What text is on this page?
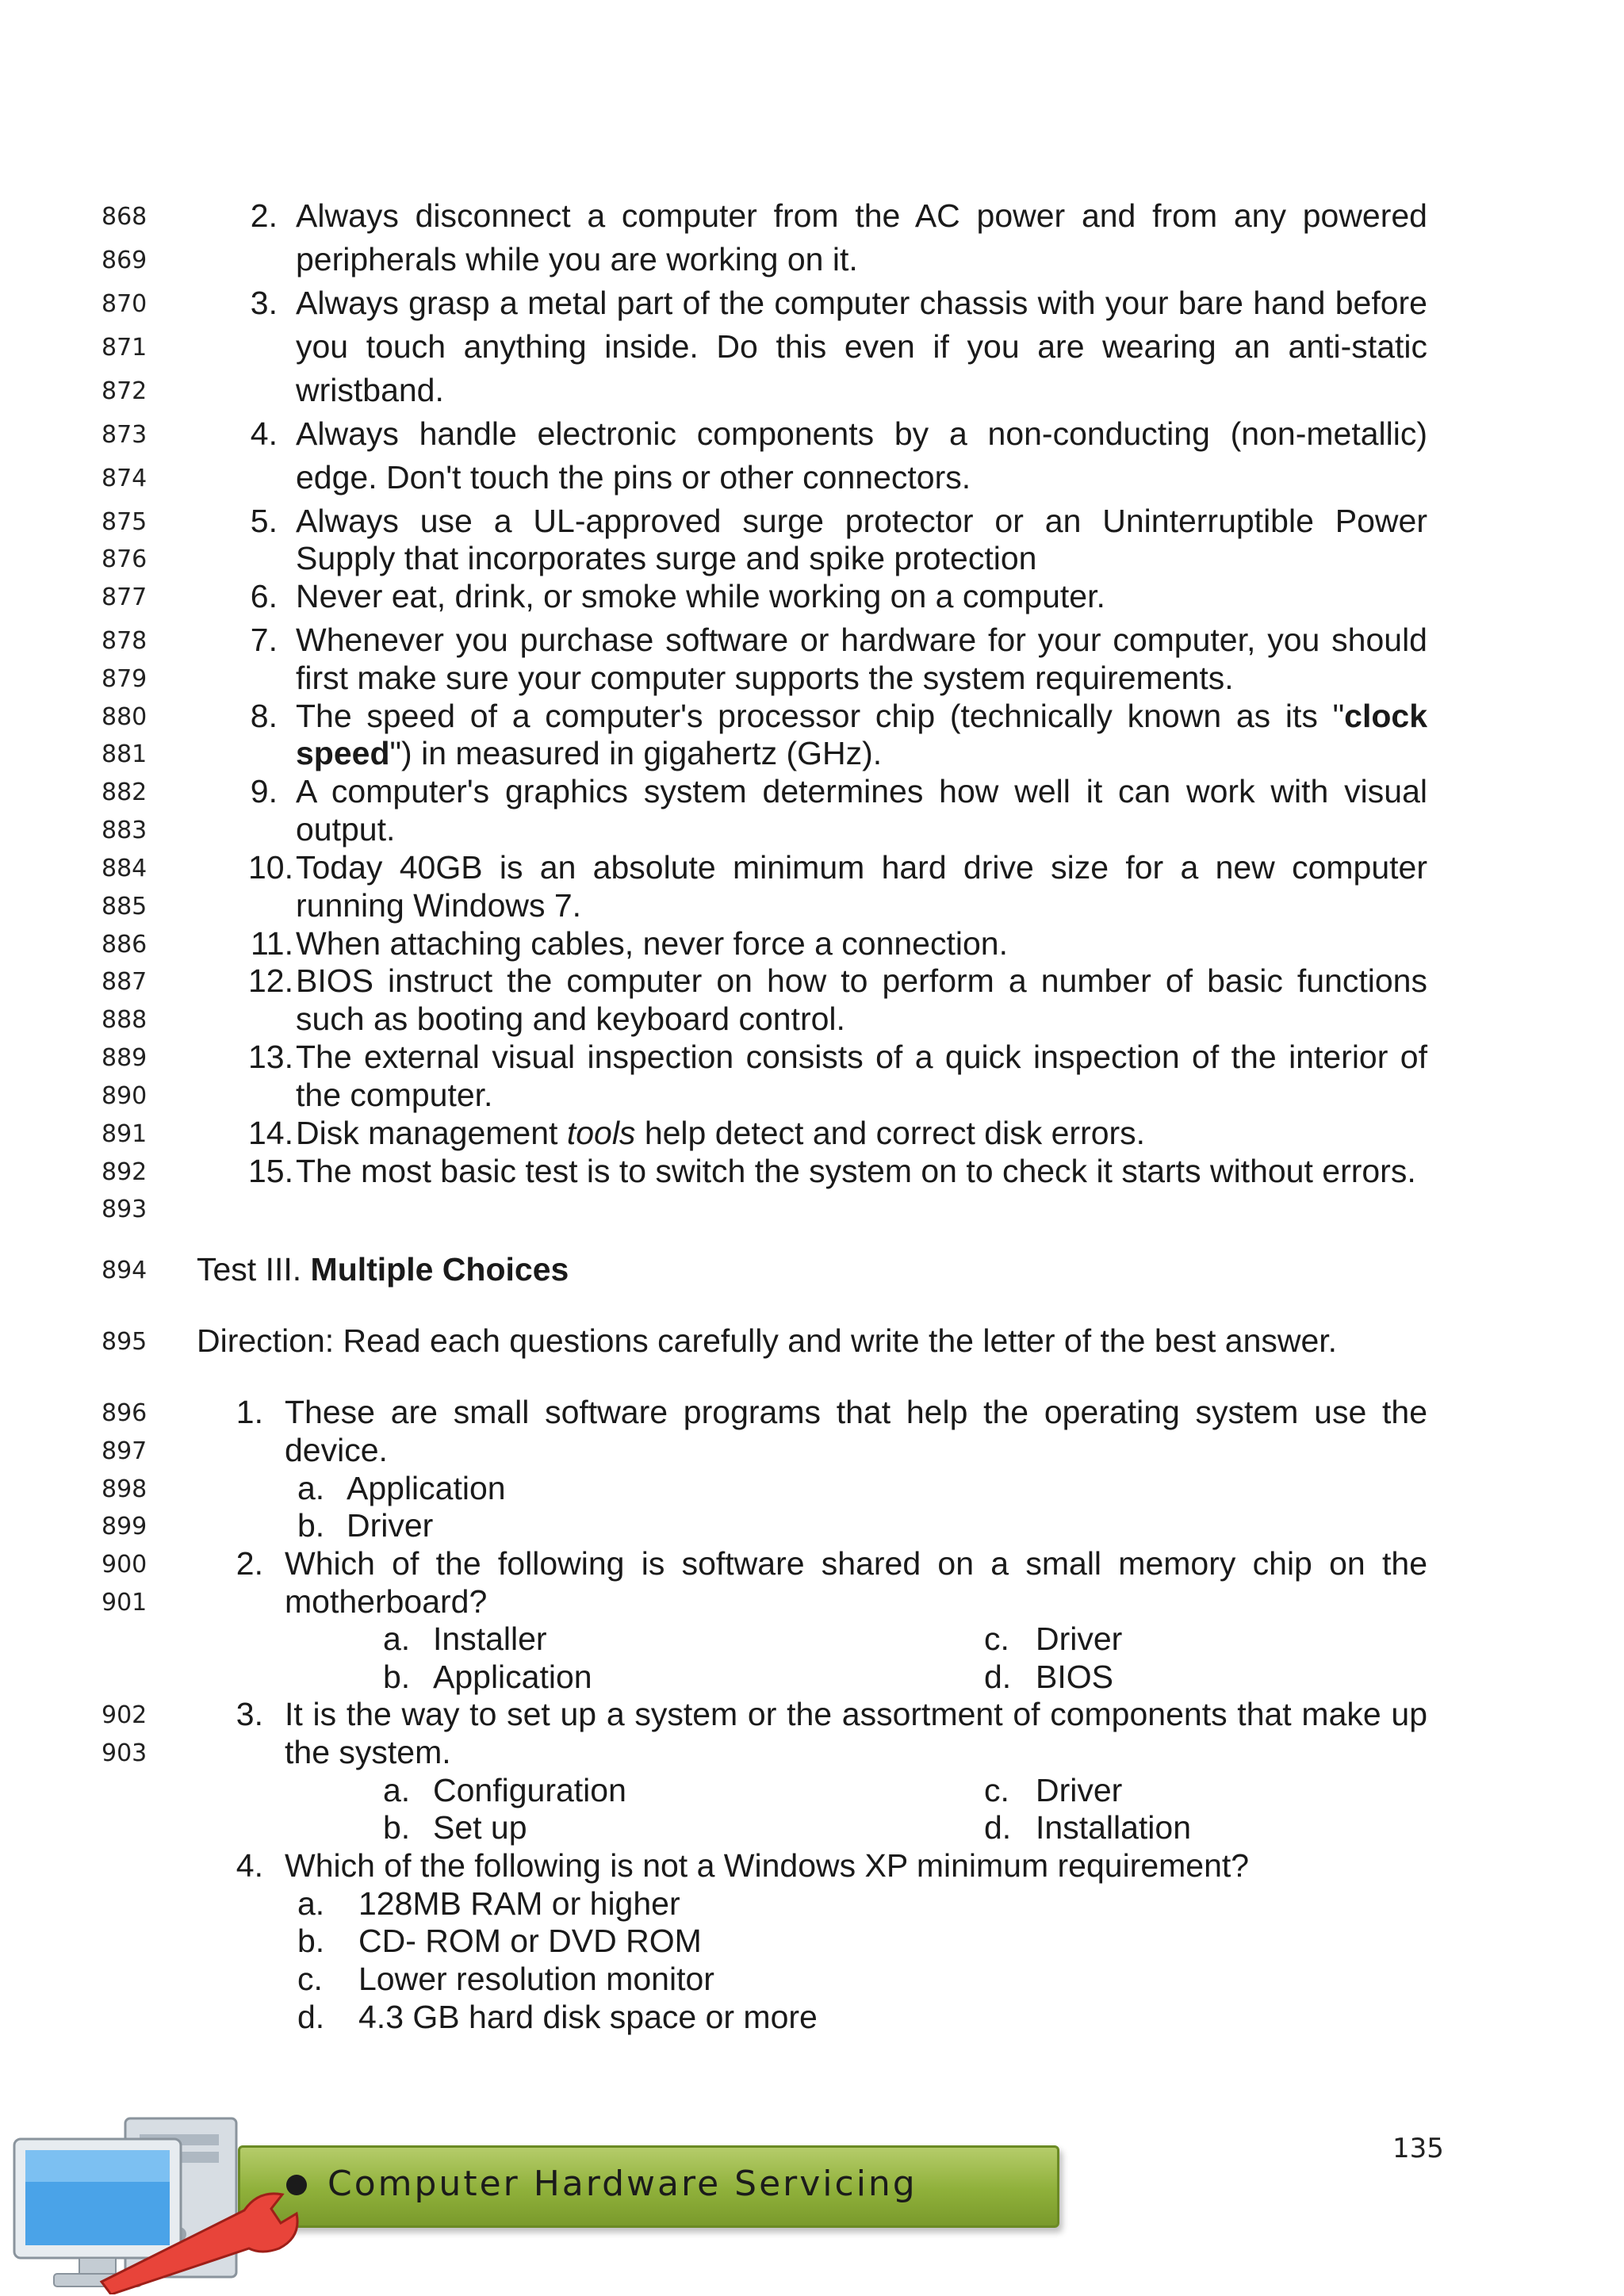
868
869
870
871
872
873
874
875
876
877
878
879
880
881
882
883
884
885
886
887
888
889
890
891
892
893
894
895
896
897
898
899
900
901
902
903
2. Always disconnect a computer from the AC power and from any powered
peripherals while you are working on it.
3. Always grasp a metal part of the computer chassis with your bare hand before
you touch anything inside. Do this even if you are wearing an anti-static
wristband.
4. Always handle electronic components by a non-conducting (non-metallic)
edge. Don't touch the pins or other connectors.
5. Always use a UL-approved surge protector or an Uninterruptible Power
Supply that incorporates surge and spike protection
6. Never eat, drink, or smoke while working on a computer.
7. Whenever you purchase software or hardware for your computer, you should
first make sure your computer supports the system requirements.
8. The speed of a computer's processor chip (technically known as its "clock
speed") in measured in gigahertz (GHz).
9. A computer's graphics system determines how well it can work with visual
output.
10. Today 40GB is an absolute minimum hard drive size for a new computer
running Windows 7.
11. When attaching cables, never force a connection.
12. BIOS instruct the computer on how to perform a number of basic functions
such as booting and keyboard control.
13. The external visual inspection consists of a quick inspection of the interior of
the computer.
14. Disk management tools help detect and correct disk errors.
15. The most basic test is to switch the system on to check it starts without errors.
Test III. Multiple Choices
Direction: Read each questions carefully and write the letter of the best answer.
1. These are small software programs that help the operating system use the
device.
a. Application
b. Driver
2. Which of the following is software shared on a small memory chip on the
motherboard?
a. Installer	c. Driver
b. Application	d. BIOS
3. It is the way to set up a system or the assortment of components that make up
the system.
a. Configuration	c. Driver
b. Set up	d. Installation
4. Which of the following is not a Windows XP minimum requirement?
a. 128MB RAM or higher
b. CD- ROM or DVD ROM
c. Lower resolution monitor
d. 4.3 GB hard disk space or more
135
Computer Hardware Servicing
